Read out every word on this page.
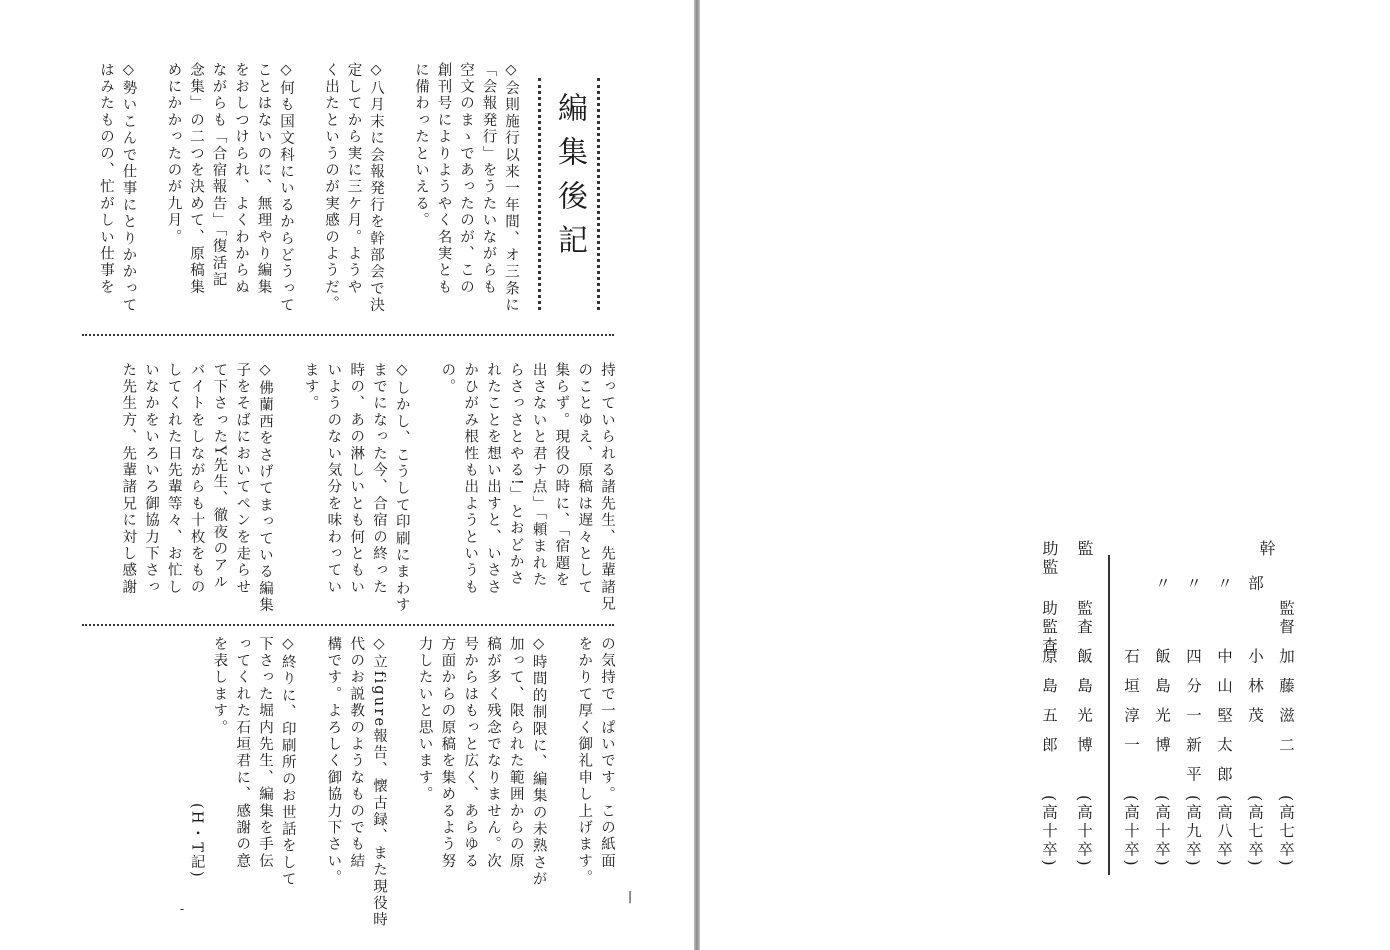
編集後記
◇会則施行以来一年間、オ三条に
「会報発行」をうたいながらも
空文のまゝであったのが、この
創刊号によりようやく名実とも
に備わったといえる。
◇八月末に会報発行を幹部会で決
定してから実に三ケ月。ようや
く出たというのが実感のようだ。
◇何も国文科にいるからどうって
ことはないのに、無理やり編集
をおしつけられ、よくわからぬ
ながらも「合宿報告」「復活記
念集」の二つを決めて、原稿集
めにかかったのが九月。
◇勢いこんで仕事にとりかかって
はみたものの、忙がしい仕事を
持っていられる諸先生、先輩諸兄
のことゆえ、原稿は遅々として
集らず。現役の時に、「宿題を
出さないと君ナ点」「頼まれた
らさっさとやる!」とおどかさ
れたことを想い出すと、いささ
かひがみ根性も出ようというも
の。
◇しかし、こうして印刷にまわす
までになった今、合宿の終った
時の、あの淋しいとも何ともい
いようのない気分を味わってい
ます。
◇佛蘭西をさげてまっている編集
子をそばにおいてペンを走らせ
て下さったY先生、徹夜のアル
バイトをしながらも十枚をもの
してくれた日先輩等々、お忙し
いなかをいろいろ御協力下さっ
た先生方、先輩諸兄に対し感謝
の気持で一ぱいです。この紙面
をかりて厚く御礼申し上げます。
◇時間的制限に、編集の未熟さが
加って、限られた範囲からの原
稿が多く残念でなりません。次
号からはもっと広く、あらゆる
方面からの原稿を集めるよう努
力したいと思います。
◇立figure報告、懐古録、また現役時
代のお説教のようなものでも結
構です。よろしく御協力下さい。
◇終りに、印刷所のお世話をして
下さった堀内先生、編集を手伝
ってくれた石垣君に、感謝の意
を表します。
　　　　　　　　　　(H・T記)
|
-
幹
監
助監
監督
加藤滋二
(高七卒)
部
小林茂
(高七卒)
〃
中山堅太郎
(高八卒)
〃
四分一新平
(高九卒)
〃
飯島光博
(高十卒)
石垣淳一
(高十卒)
監査
飯島光博
(高十卒)
助監査
原島五郎
(高十卒)
